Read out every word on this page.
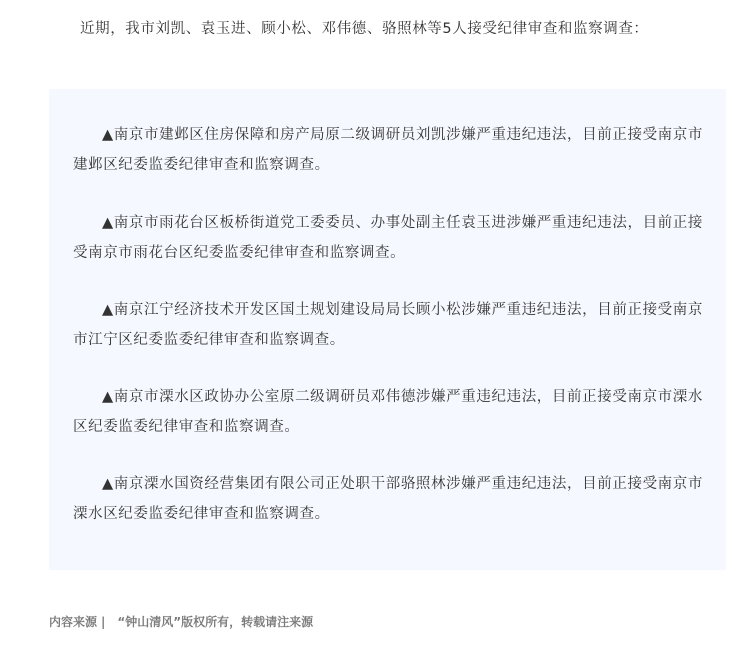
近期，我市刘凯、袁玉进、顾小松、邓伟德、骆照林等5人接受纪律审查和监察调查：

▲南京市建邺区住房保障和房产局原二级调研员刘凯涉嫌严重违纪违法，目前正接受南京市建邺区纪委监委纪律审查和监察调查。

▲南京市雨花台区板桥街道党工委委员、办事处副主任袁玉进涉嫌严重违纪违法，目前正接受南京市雨花台区纪委监委纪律审查和监察调查。

▲南京江宁经济技术开发区国土规划建设局局长顾小松涉嫌严重违纪违法，目前正接受南京市江宁区纪委监委纪律审查和监察调查。

▲南京市溧水区政协办公室原二级调研员邓伟德涉嫌严重违纪违法，目前正接受南京市溧水区纪委监委纪律审查和监察调查。

▲南京溧水国资经营集团有限公司正处职干部骆照林涉嫌严重违纪违法，目前正接受南京市溧水区纪委监委纪律审查和监察调查。

内容来源 | “钟山清风”版权所有，转载请注来源
